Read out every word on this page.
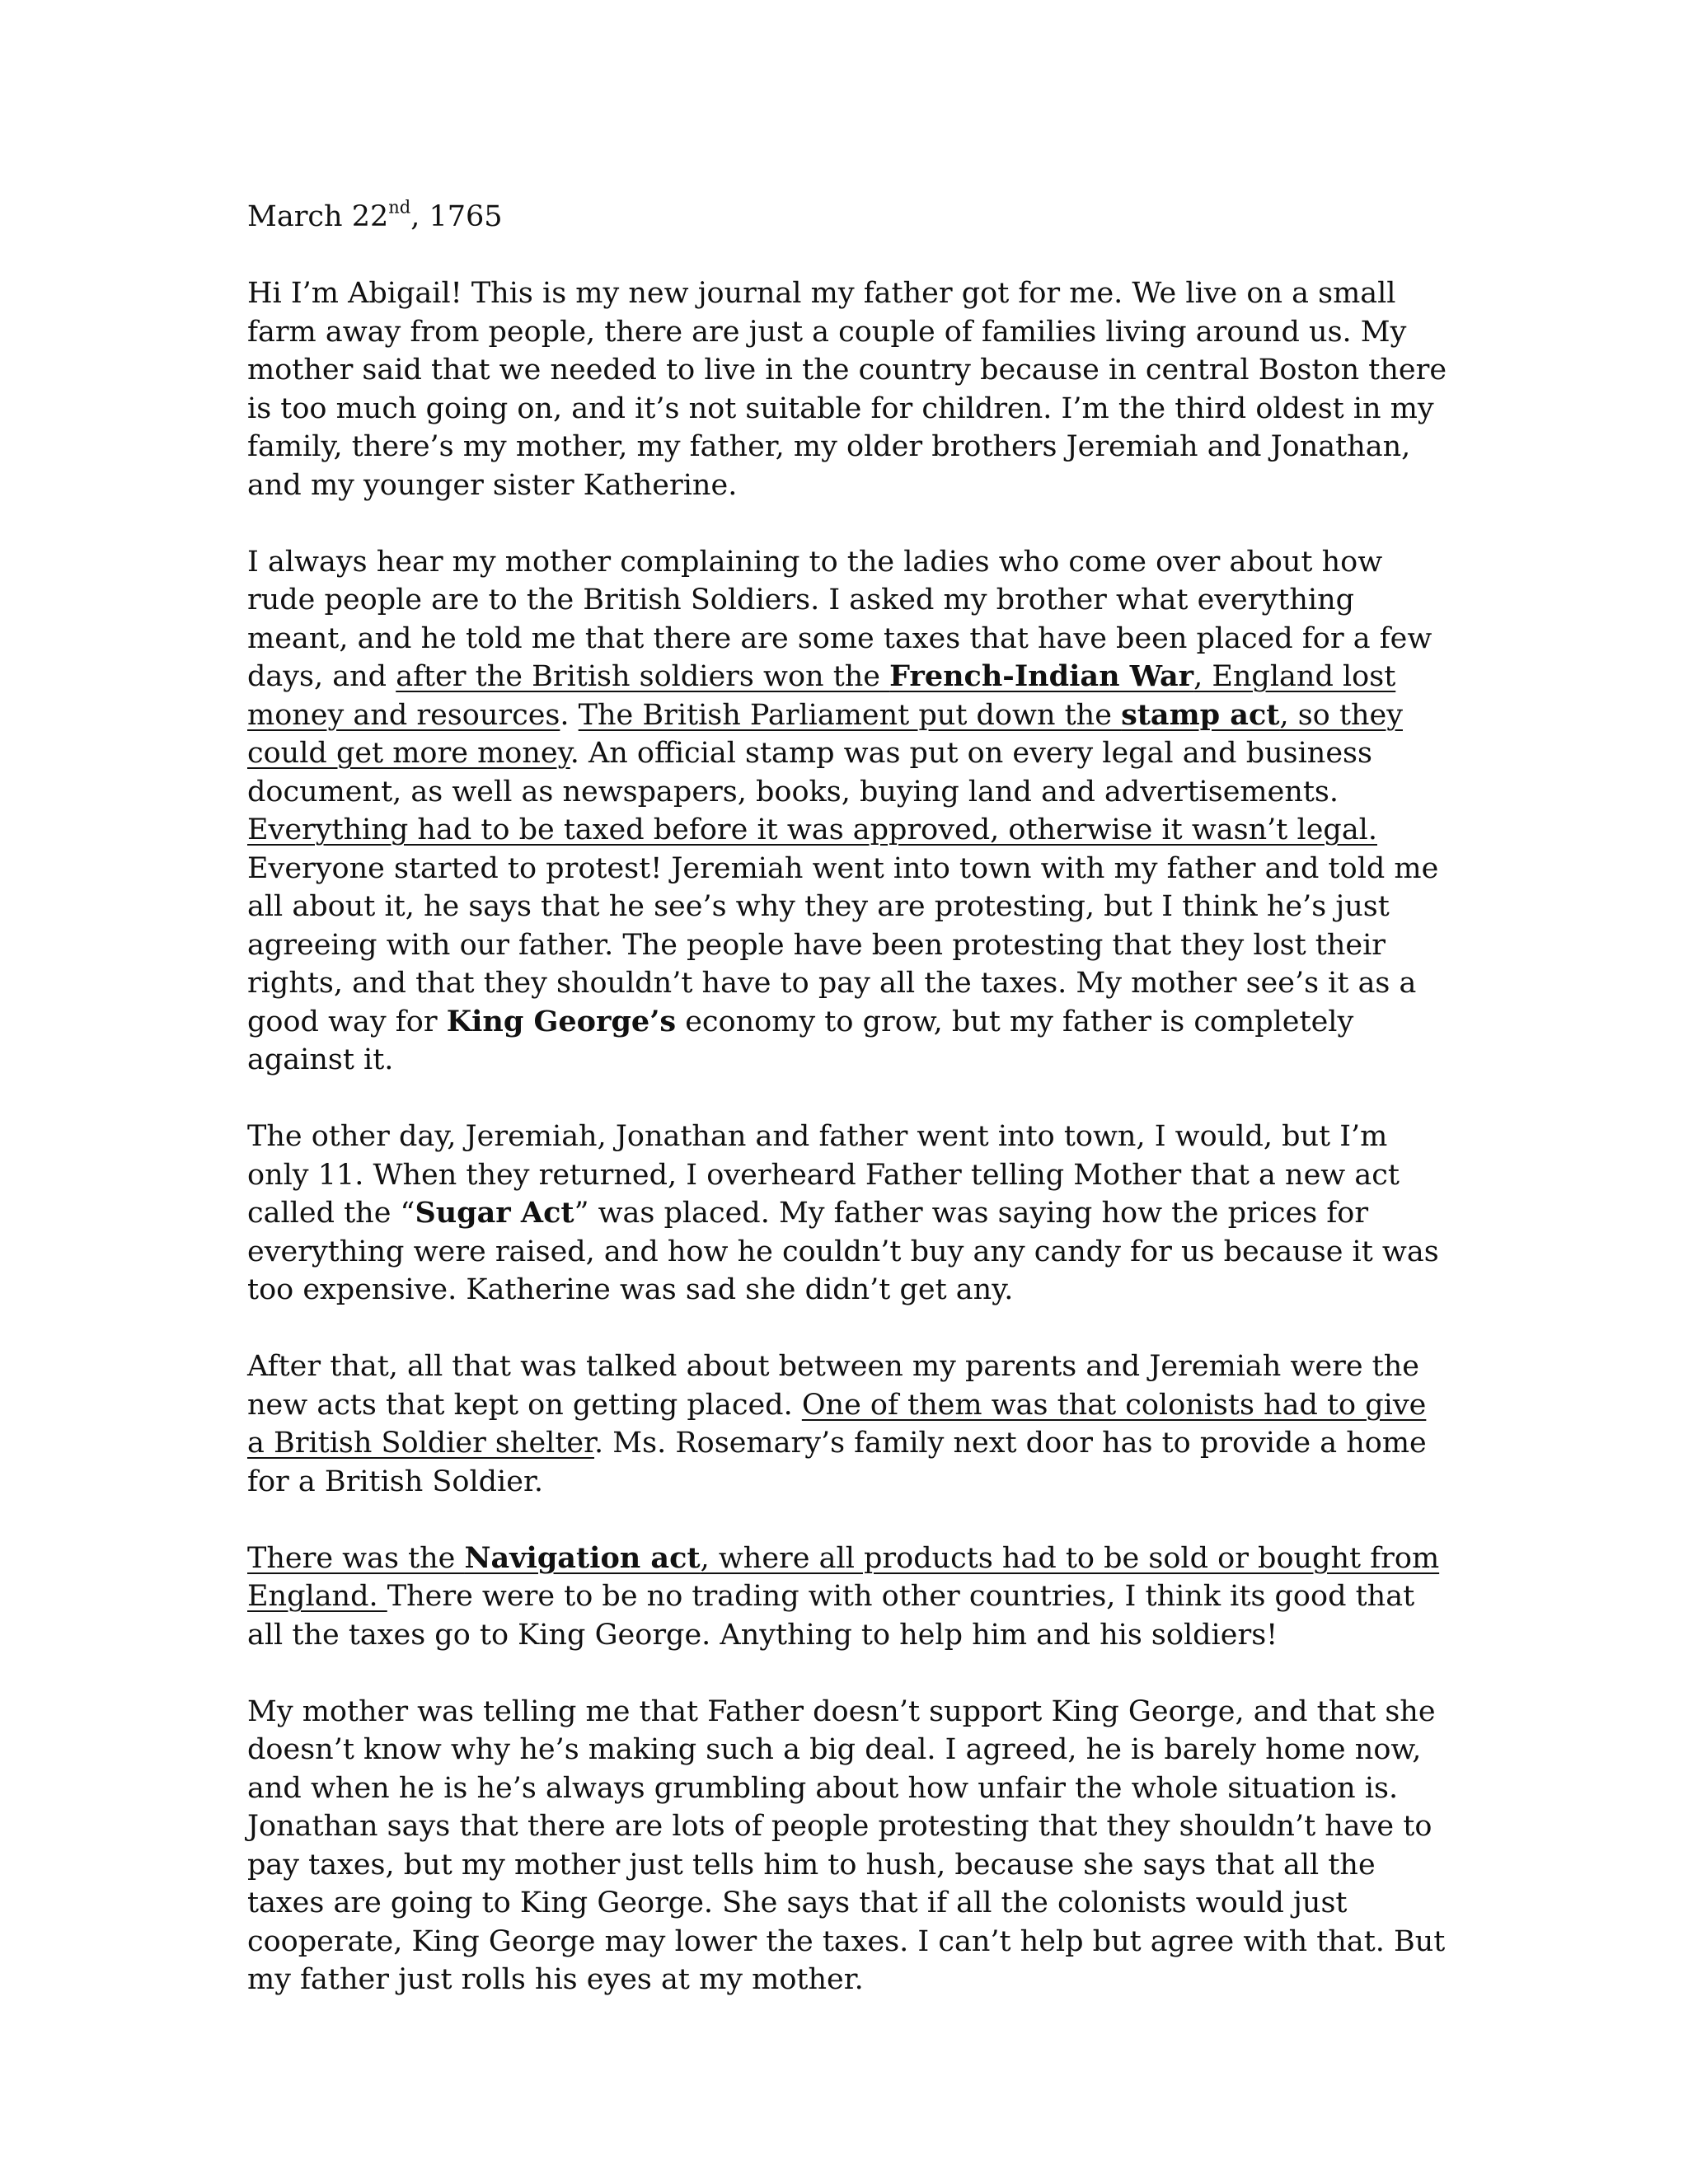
March 22nd, 1765

Hi I’m Abigail! This is my new journal my father got for me. We live on a small farm away from people, there are just a couple of families living around us. My mother said that we needed to live in the country because in central Boston there is too much going on, and it’s not suitable for children. I’m the third oldest in my family, there’s my mother, my father, my older brothers Jeremiah and Jonathan, and my younger sister Katherine.

I always hear my mother complaining to the ladies who come over about how rude people are to the British Soldiers. I asked my brother what everything meant, and he told me that there are some taxes that have been placed for a few days, and after the British soldiers won the French-Indian War, England lost money and resources. The British Parliament put down the stamp act, so they could get more money. An official stamp was put on every legal and business document, as well as newspapers, books, buying land and advertisements. Everything had to be taxed before it was approved, otherwise it wasn’t legal. Everyone started to protest! Jeremiah went into town with my father and told me all about it, he says that he see’s why they are protesting, but I think he’s just agreeing with our father. The people have been protesting that they lost their rights, and that they shouldn’t have to pay all the taxes. My mother see’s it as a good way for King George’s economy to grow, but my father is completely against it.

The other day, Jeremiah, Jonathan and father went into town, I would, but I’m only 11. When they returned, I overheard Father telling Mother that a new act called the “Sugar Act” was placed. My father was saying how the prices for everything were raised, and how he couldn’t buy any candy for us because it was too expensive. Katherine was sad she didn’t get any.

After that, all that was talked about between my parents and Jeremiah were the new acts that kept on getting placed. One of them was that colonists had to give a British Soldier shelter. Ms. Rosemary’s family next door has to provide a home for a British Soldier.

There was the Navigation act, where all products had to be sold or bought from England. There were to be no trading with other countries, I think its good that all the taxes go to King George. Anything to help him and his soldiers!

My mother was telling me that Father doesn’t support King George, and that she doesn’t know why he’s making such a big deal. I agreed, he is barely home now, and when he is he’s always grumbling about how unfair the whole situation is. Jonathan says that there are lots of people protesting that they shouldn’t have to pay taxes, but my mother just tells him to hush, because she says that all the taxes are going to King George. She says that if all the colonists would just cooperate, King George may lower the taxes. I can’t help but agree with that. But my father just rolls his eyes at my mother.
